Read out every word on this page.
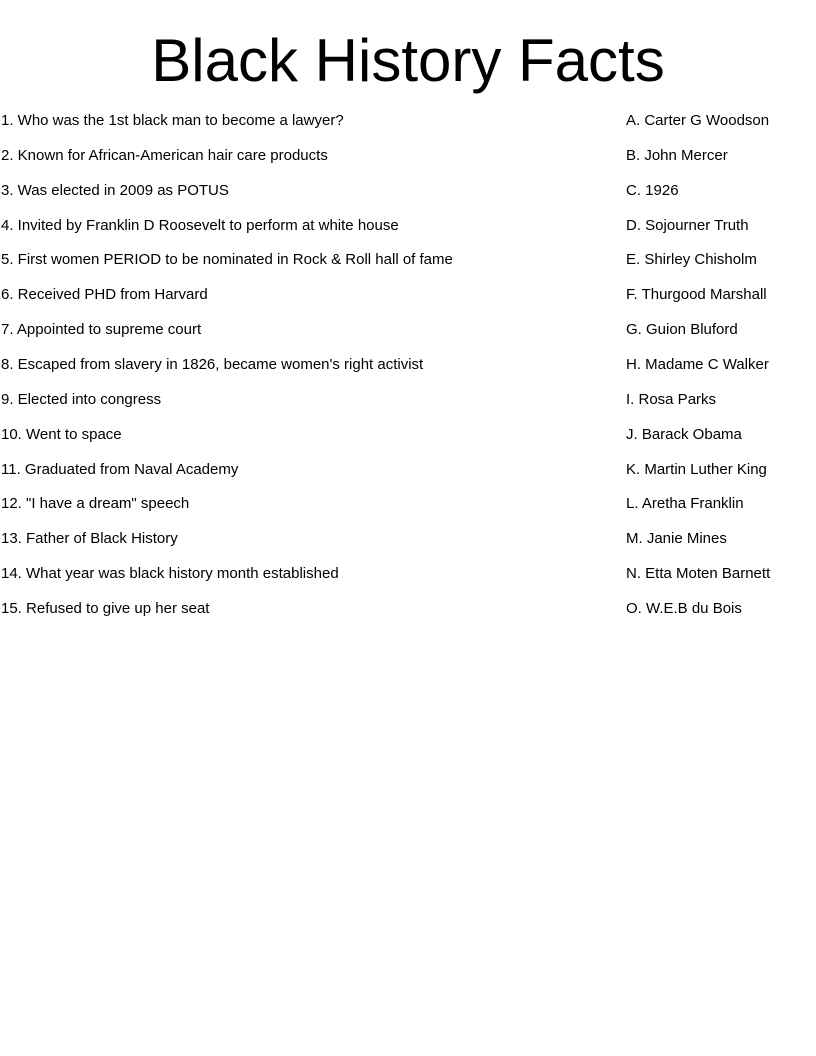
Black History Facts
1. Who was the 1st black man to become a lawyer?
2. Known for African-American hair care products
3. Was elected in 2009 as POTUS
4. Invited by Franklin D Roosevelt to perform at white house
5. First women PERIOD to be nominated in Rock & Roll hall of fame
6. Received PHD from Harvard
7. Appointed to supreme court
8. Escaped from slavery in 1826, became women's right activist
9. Elected into congress
10. Went to space
11. Graduated from Naval Academy
12. "I have a dream" speech
13. Father of Black History
14. What year was black history month established
15. Refused to give up her seat
A. Carter G Woodson
B. John Mercer
C. 1926
D. Sojourner Truth
E. Shirley Chisholm
F. Thurgood Marshall
G. Guion Bluford
H. Madame C Walker
I. Rosa Parks
J. Barack Obama
K. Martin Luther King
L. Aretha Franklin
M. Janie Mines
N. Etta Moten Barnett
O. W.E.B du Bois
